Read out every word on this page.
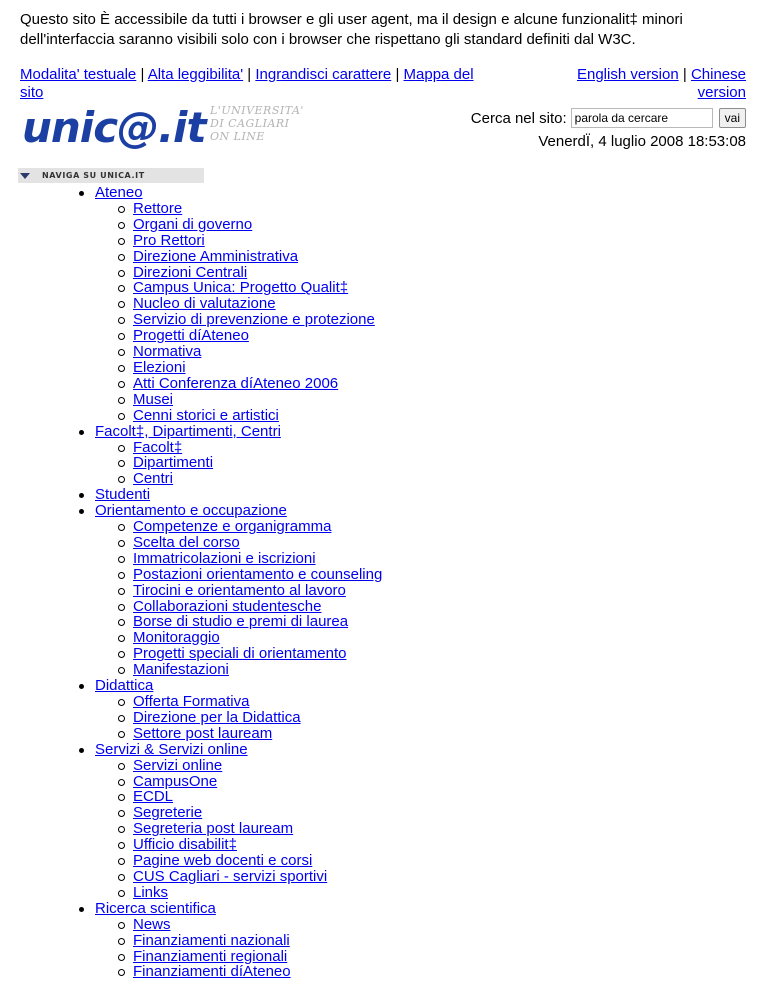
Questo sito È accessibile da tutti i browser e gli user agent, ma il design e alcune funzionalit‡ minori dell'interfaccia saranno visibili solo con i browser che rispettano gli standard definiti dal W3C.
Modalita' testuale | Alta leggibilita' | Ingrandisci carattere | Mappa del sito
English version | Chinese version
unic@.it L'UNIVERSITA'
DI CAGLIARI
ON LINE
Cerca nel sito:
parola da cercare	vai
VenerdÏ, 4 luglio 2008 18:53:08
NAVIGA SU UNICA.IT
Ateneo
Rettore
Organi di governo
Pro Rettori
Direzione Amministrativa
Direzioni Centrali
Campus Unica: Progetto Qualit‡
Nucleo di valutazione
Servizio di prevenzione e protezione
Progetti díAteneo
Normativa
Elezioni
Atti Conferenza díAteneo 2006
Musei
Cenni storici e artistici
Facolt‡, Dipartimenti, Centri
Facolt‡
Dipartimenti
Centri
Studenti
Orientamento e occupazione
Competenze e organigramma
Scelta del corso
Immatricolazioni e iscrizioni
Postazioni orientamento e counseling
Tirocini e orientamento al lavoro
Collaborazioni studentesche
Borse di studio e premi di laurea
Monitoraggio
Progetti speciali di orientamento
Manifestazioni
Didattica
Offerta Formativa
Direzione per la Didattica
Settore post lauream
Servizi & Servizi online
Servizi online
CampusOne
ECDL
Segreterie
Segreteria post lauream
Ufficio disabilit‡
Pagine web docenti e corsi
CUS Cagliari - servizi sportivi
Links
Ricerca scientifica
News
Finanziamenti nazionali
Finanziamenti regionali
Finanziamenti díAteneo
